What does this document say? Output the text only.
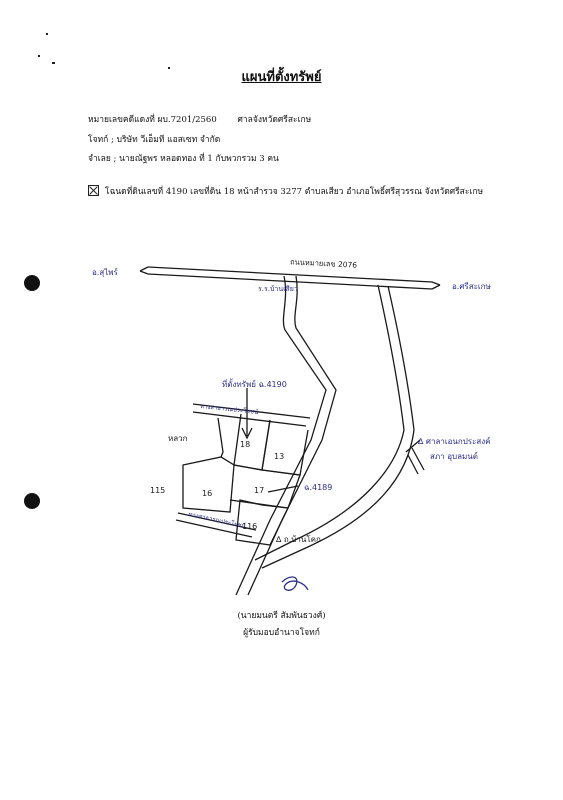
แผนที่ตั้งทรัพย์
หมายเลขคดีแดงที่ ผบ.7201/2560 ศาลจังหวัดศรีสะเกษ
โจทก์ ; บริษัท วีเอ็มที แอสเซท จำกัด
จำเลย ; นายณัฐพร หลอดทอง ที่ 1 กับพวกรวม 3 คน
โฉนดที่ดินเลขที่ 4190 เลขที่ดิน 18 หน้าสำรวจ 3277 ตำบลเสียว อำเภอโพธิ์ศรีสุวรรณ จังหวัดศรีสะเกษ
อ.สุไพร์
ถนนหมายเลข 2076
อ.ศรีสะเกษ
ร.ร.บ้านเสียว
ที่ตั้งทรัพย์ ฉ.4190
ทางสาธารณประโยชน์
ทางสาธารณประโยชน์
หลวก
115
18
13
16	17
116
ฉ.4189
∆ ถ.บ้านโคก
∆ ศาลาเอนกประสงค์
สภา อุบลมนต์
(นายมนตรี สัมพันธวงศ์)
ผู้รับมอบอำนาจโจทก์
